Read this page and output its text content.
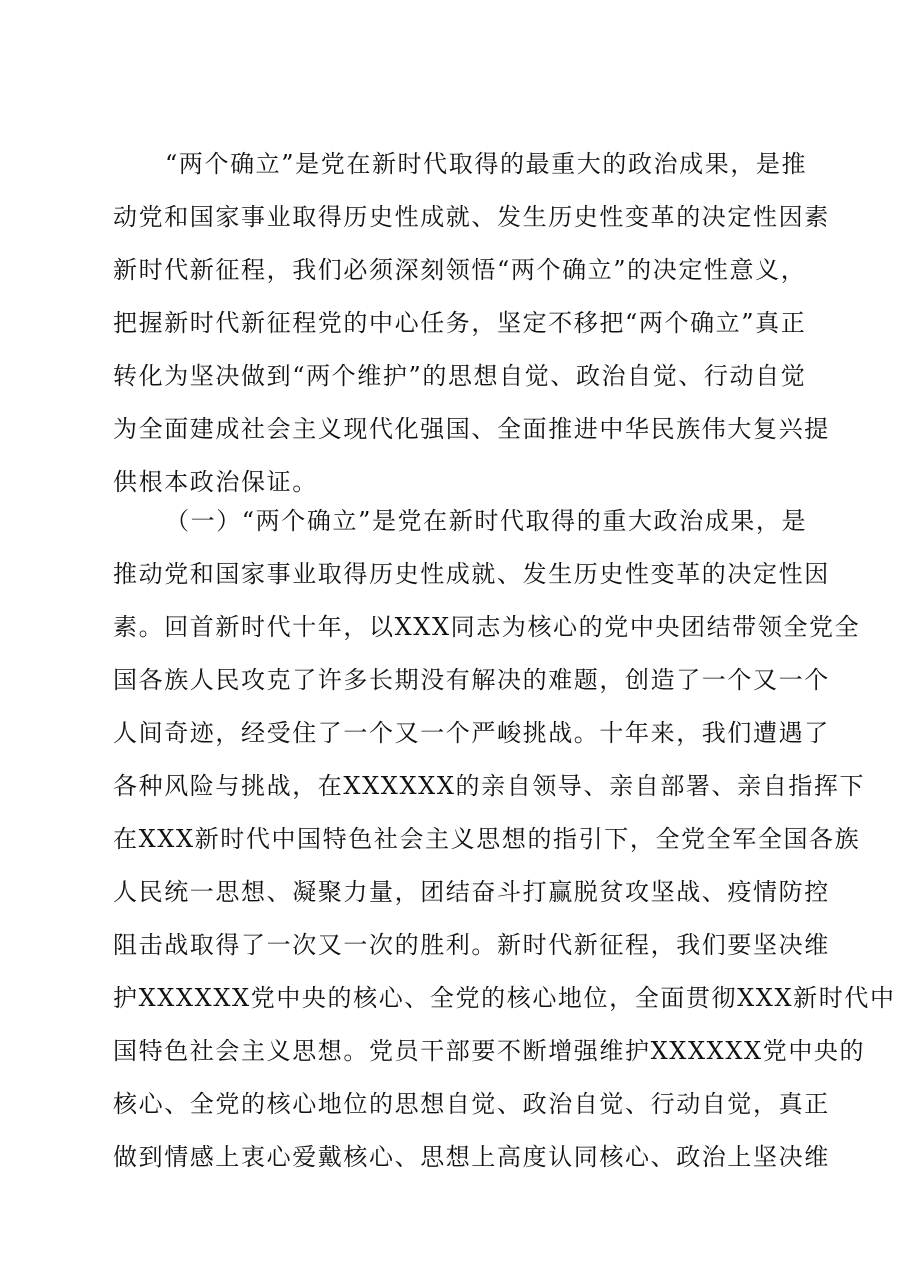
“两个确立”是党在新时代取得的最重大的政治成果，是推
动党和国家事业取得历史性成就、发生历史性变革的决定性因素
新时代新征程，我们必须深刻领悟“两个确立”的决定性意义，
把握新时代新征程党的中心任务，坚定不移把“两个确立”真正
转化为坚决做到“两个维护”的思想自觉、政治自觉、行动自觉
为全面建成社会主义现代化强国、全面推进中华民族伟大复兴提
供根本政治保证。
（一）“两个确立”是党在新时代取得的重大政治成果，是
推动党和国家事业取得历史性成就、发生历史性变革的决定性因
素。回首新时代十年，以XXX同志为核心的党中央团结带领全党全
国各族人民攻克了许多长期没有解决的难题，创造了一个又一个
人间奇迹，经受住了一个又一个严峻挑战。十年来，我们遭遇了
各种风险与挑战，在XXXXXX的亲自领导、亲自部署、亲自指挥下
在XXX新时代中国特色社会主义思想的指引下，全党全军全国各族
人民统一思想、凝聚力量，团结奋斗打赢脱贫攻坚战、疫情防控
阻击战取得了一次又一次的胜利。新时代新征程，我们要坚决维
护XXXXXX党中央的核心、全党的核心地位，全面贯彻XXX新时代中
国特色社会主义思想。党员干部要不断增强维护XXXXXX党中央的
核心、全党的核心地位的思想自觉、政治自觉、行动自觉，真正
做到情感上衷心爱戴核心、思想上高度认同核心、政治上坚决维
